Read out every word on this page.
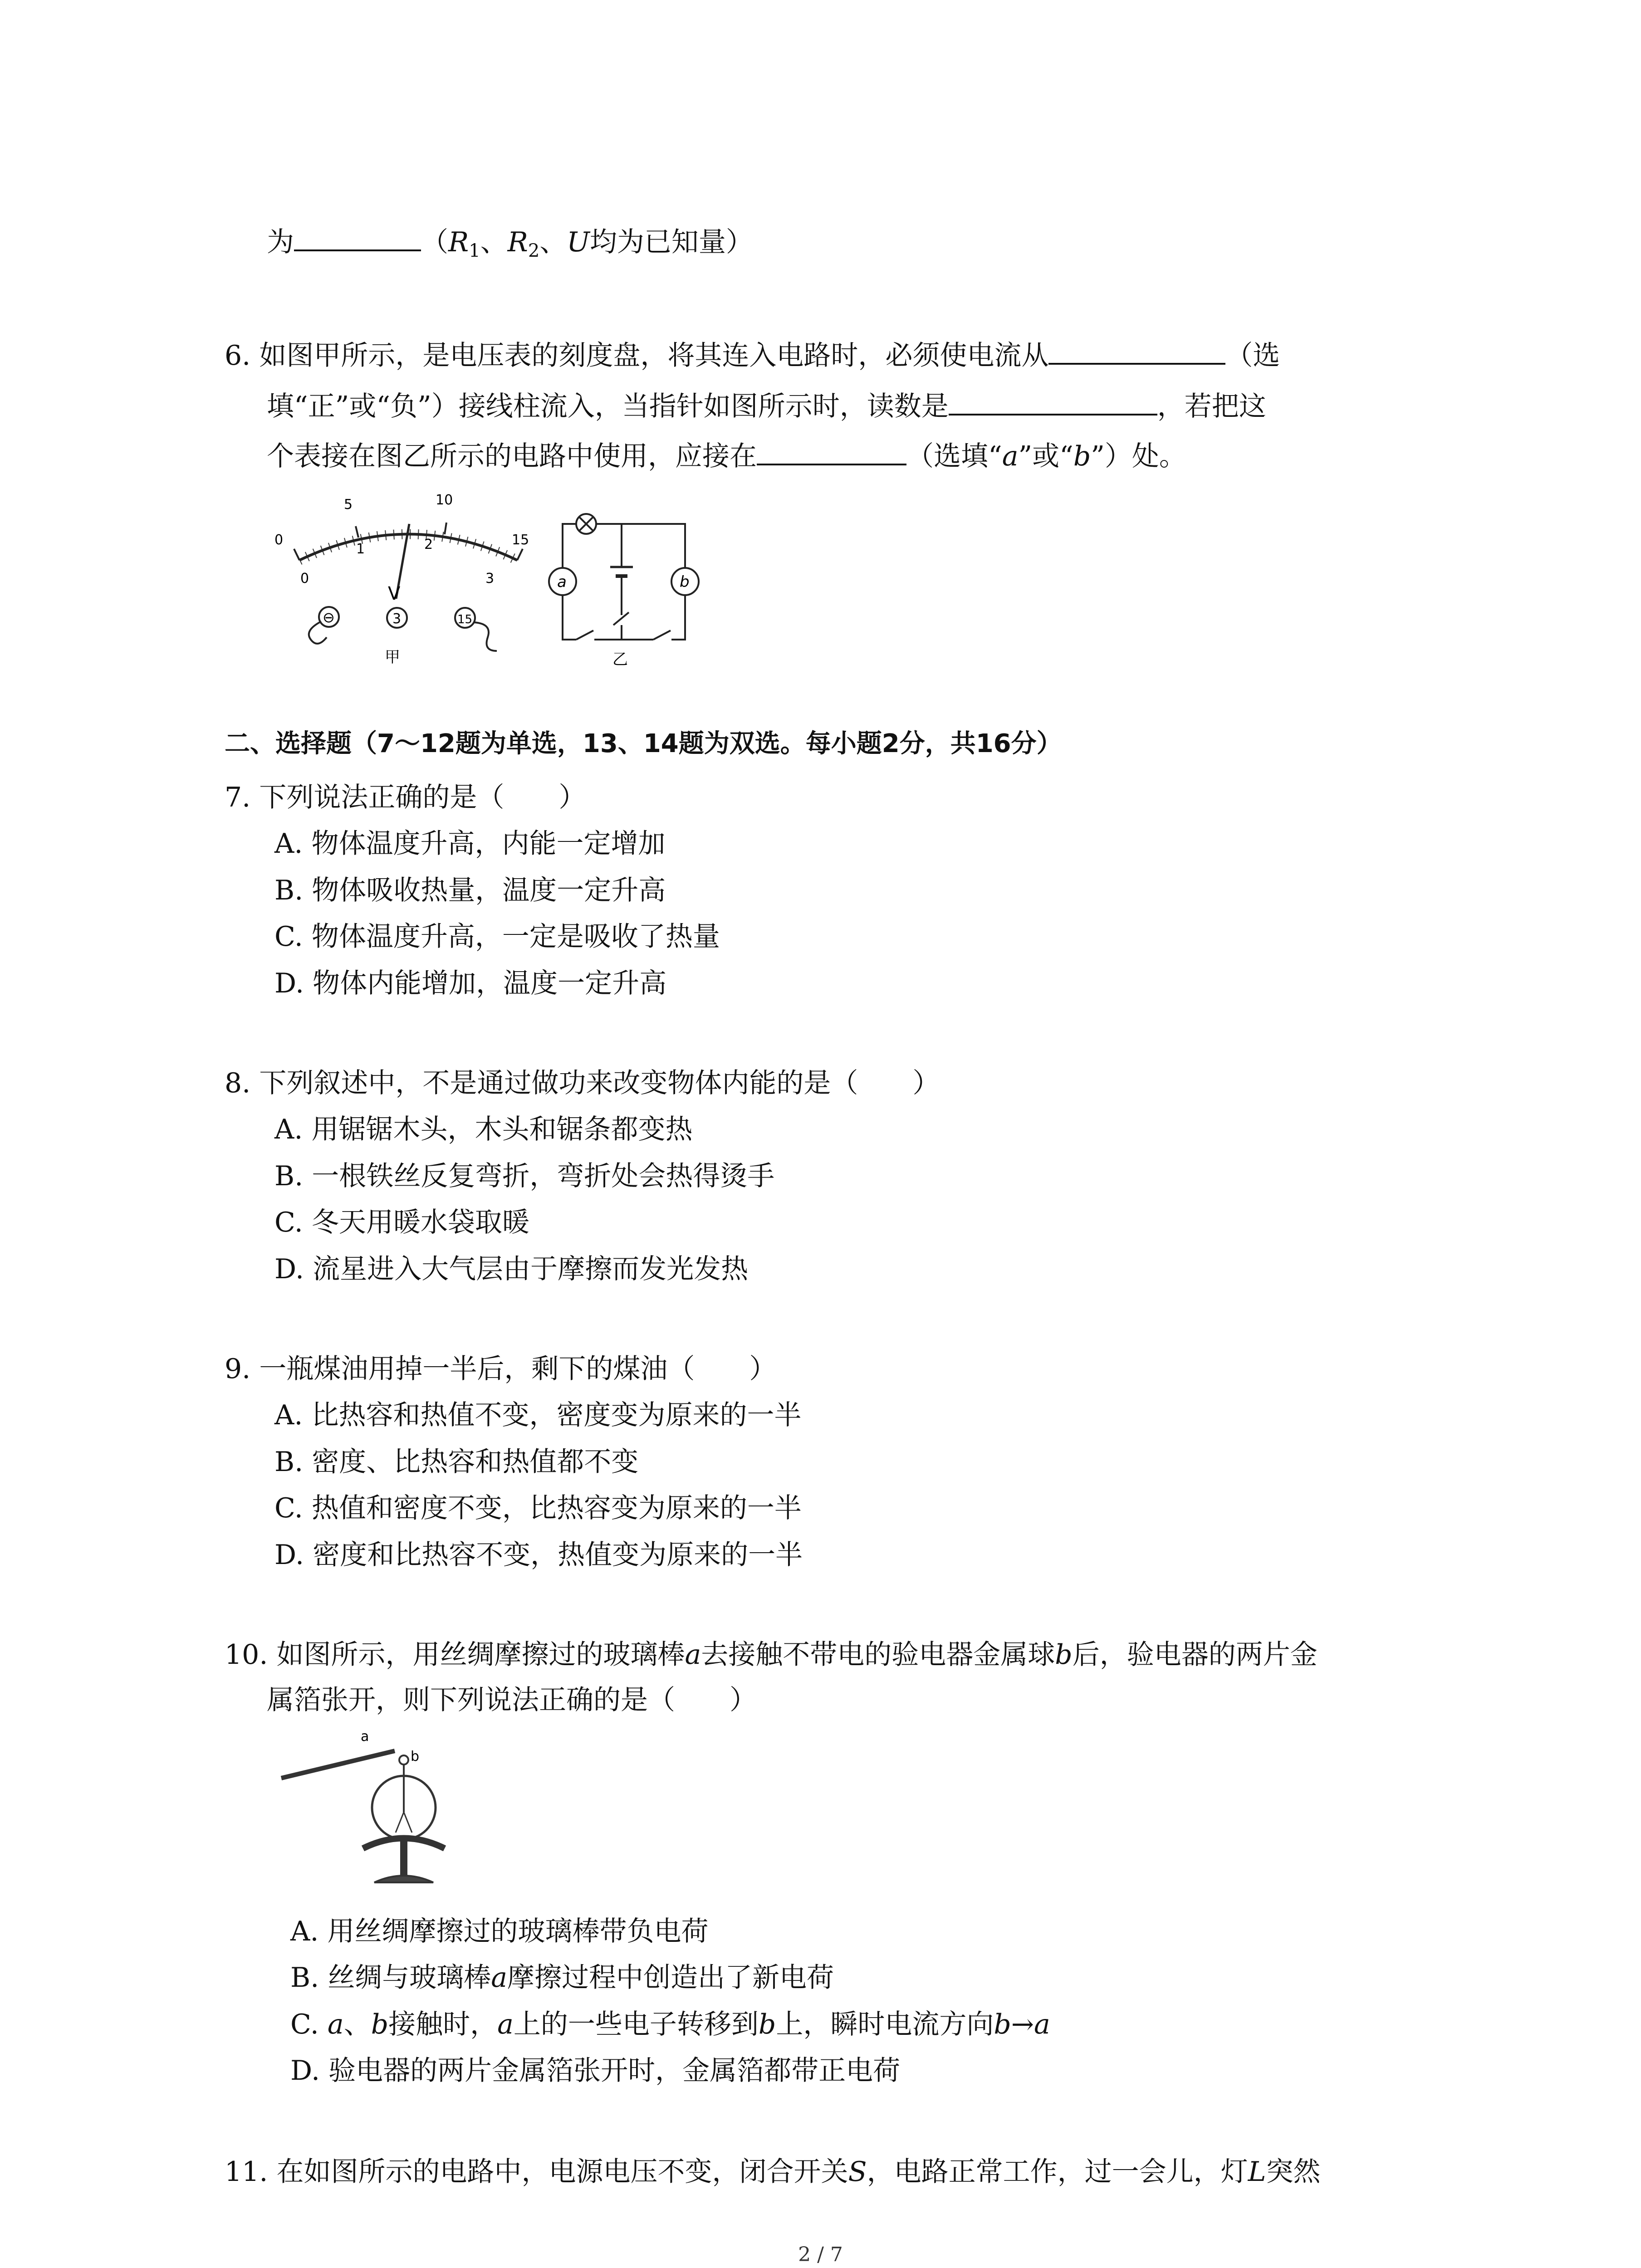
为	（$R_1$、$R_2$、U均为已知量）
6. 如图甲所示，是电压表的刻度盘，将其连入电路时，必须使电流从	（选
填“正”或“负”）接线柱流入，当指针如图所示时，读数是	，若把这
个表接在图乙所示的电路中使用，应接在	（选填“a”或“b”）处。
0
5	10
15
0
1	2
3
V
⊖	3	15
甲
a	b
乙
二、选择题（7～12题为单选，13、14题为双选。每小题2分，共16分）
7. 下列说法正确的是（　　）
A. 物体温度升高，内能一定增加
B. 物体吸收热量，温度一定升高
C. 物体温度升高，一定是吸收了热量
D. 物体内能增加，温度一定升高
8. 下列叙述中，不是通过做功来改变物体内能的是（　　）
A. 用锯锯木头，木头和锯条都变热
B. 一根铁丝反复弯折，弯折处会热得烫手
C. 冬天用暖水袋取暖
D. 流星进入大气层由于摩擦而发光发热
9. 一瓶煤油用掉一半后，剩下的煤油（　　）
A. 比热容和热值不变，密度变为原来的一半
B. 密度、比热容和热值都不变
C. 热值和密度不变，比热容变为原来的一半
D. 密度和比热容不变，热值变为原来的一半
10. 如图所示，用丝绸摩擦过的玻璃棒a去接触不带电的验电器金属球b后，验电器的两片金
属箔张开，则下列说法正确的是（　　）
a
b
A. 用丝绸摩擦过的玻璃棒带负电荷
B. 丝绸与玻璃棒a摩擦过程中创造出了新电荷
C. a、b接触时，a上的一些电子转移到b上，瞬时电流方向b→a
D. 验电器的两片金属箔张开时，金属箔都带正电荷
11. 在如图所示的电路中，电源电压不变，闭合开关S，电路正常工作，过一会儿，灯L突然
2 / 7
